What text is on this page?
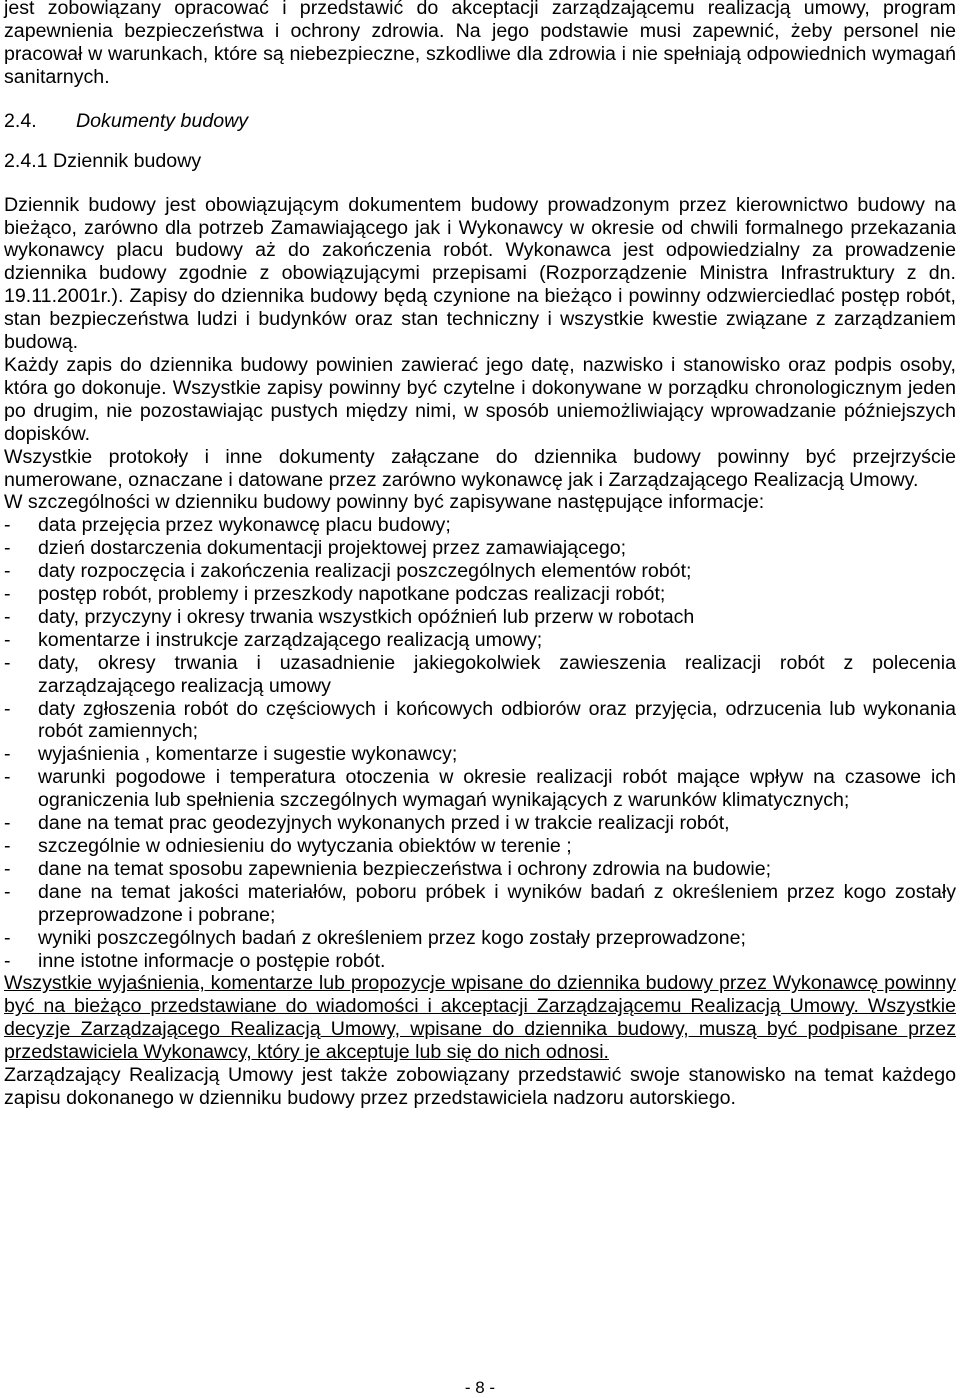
jest zobowiązany opracować i przedstawić do akceptacji zarządzającemu realizacją umowy, program zapewnienia bezpieczeństwa i ochrony zdrowia. Na jego podstawie musi zapewnić, żeby personel nie pracował w warunkach, które są niebezpieczne, szkodliwe dla zdrowia i nie spełniają odpowiednich wymagań sanitarnych.

2.4. Dokumenty budowy
2.4.1 Dziennik budowy

Dziennik budowy jest obowiązującym dokumentem budowy prowadzonym przez kierownictwo budowy na bieżąco, zarówno dla potrzeb Zamawiającego jak i Wykonawcy w okresie od chwili formalnego przekazania wykonawcy placu budowy aż do zakończenia robót. Wykonawca jest odpowiedzialny za prowadzenie dziennika budowy zgodnie z obowiązującymi przepisami (Rozporządzenie Ministra Infrastruktury z dn. 19.11.2001r.). Zapisy do dziennika budowy będą czynione na bieżąco i powinny odzwierciedlać postęp robót, stan bezpieczeństwa ludzi i budynków oraz stan techniczny i wszystkie kwestie związane z zarządzaniem budową.

Każdy zapis do dziennika budowy powinien zawierać jego datę, nazwisko i stanowisko oraz podpis osoby, która go dokonuje. Wszystkie zapisy powinny być czytelne i dokonywane w porządku chronologicznym jeden po drugim, nie pozostawiając pustych między nimi, w sposób uniemożliwiający wprowadzanie późniejszych dopisków.

Wszystkie protokoły i inne dokumenty załączane do dziennika budowy powinny być przejrzyście numerowane, oznaczane i datowane przez zarówno wykonawcę jak i Zarządzającego Realizacją Umowy.

W szczególności w dzienniku budowy powinny być zapisywane następujące informacje:

- data przejęcia przez wykonawcę placu budowy;
- dzień dostarczenia dokumentacji projektowej przez zamawiającego;
- daty rozpoczęcia i zakończenia realizacji poszczególnych elementów robót;
- postęp robót, problemy i przeszkody napotkane podczas realizacji robót;
- daty, przyczyny i okresy trwania wszystkich opóźnień lub przerw w robotach
- komentarze i instrukcje zarządzającego realizacją umowy;
- daty, okresy trwania i uzasadnienie jakiegokolwiek zawieszenia realizacji robót z polecenia zarządzającego realizacją umowy
- daty zgłoszenia robót do częściowych i końcowych odbiorów oraz przyjęcia, odrzucenia lub wykonania robót zamiennych;
- wyjaśnienia , komentarze i sugestie wykonawcy;
- warunki pogodowe i temperatura otoczenia w okresie realizacji robót mające wpływ na czasowe ich ograniczenia lub spełnienia szczególnych wymagań wynikających z warunków klimatycznych;
- dane na temat prac geodezyjnych wykonanych przed i w trakcie realizacji robót,
- szczególnie w odniesieniu do wytyczania obiektów w terenie ;
- dane na temat sposobu zapewnienia bezpieczeństwa i ochrony zdrowia na budowie;
- dane na temat jakości materiałów, poboru próbek i wyników badań z określeniem przez kogo zostały przeprowadzone i pobrane;
- wyniki poszczególnych badań z określeniem przez kogo zostały przeprowadzone;
- inne istotne informacje o postępie robót.

Wszystkie wyjaśnienia, komentarze lub propozycje wpisane do dziennika budowy przez Wykonawcę powinny być na bieżąco przedstawiane do wiadomości i akceptacji Zarządzającemu Realizacją Umowy. Wszystkie decyzje Zarządzającego Realizacją Umowy, wpisane do dziennika budowy, muszą być podpisane przez przedstawiciela Wykonawcy, który je akceptuje lub się do nich odnosi.

Zarządzający Realizacją Umowy jest także zobowiązany przedstawić swoje stanowisko na temat każdego zapisu dokonanego w dzienniku budowy przez przedstawiciela nadzoru autorskiego.

- 8 -
